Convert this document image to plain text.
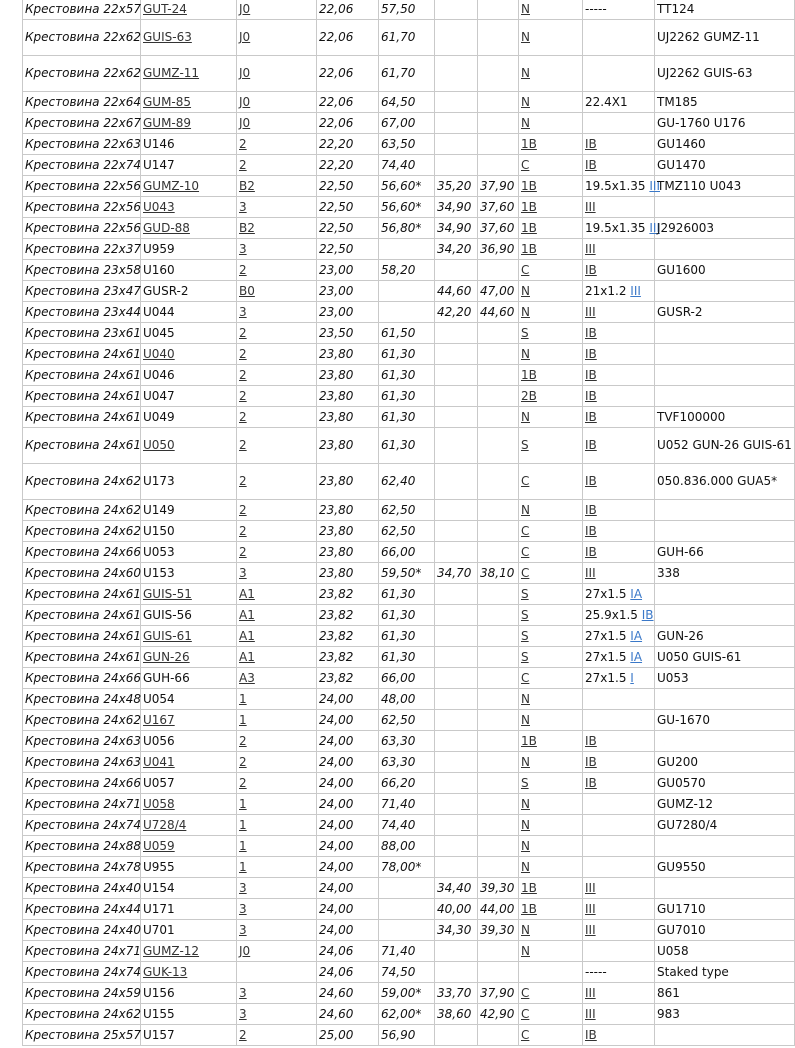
Крестовина 22x57	GUT-24	J0	22,06	57,50			N	-----	TT124
Крестовина 22x62	GUIS-63	J0	22,06	61,70			N		UJ2262 GUMZ-11
Крестовина 22x62	GUMZ-11	J0	22,06	61,70			N		UJ2262 GUIS-63
Крестовина 22x64	GUM-85	J0	22,06	64,50			N	22.4X1	TM185
Крестовина 22x67	GUM-89	J0	22,06	67,00			N		GU-1760 U176
Крестовина 22x63	U146	2	22,20	63,50			1B	IB	GU1460
Крестовина 22x74	U147	2	22,20	74,40			C	IB	GU1470
Крестовина 22x56	GUMZ-10	B2	22,50	56,60*	35,20	37,90	1B	19.5x1.35 III	TMZ110 U043
Крестовина 22x56	U043	3	22,50	56,60*	34,90	37,60	1B	III	
Крестовина 22x56	GUD-88	B2	22,50	56,80*	34,90	37,60	1B	19.5x1.35 III	J2926003
Крестовина 22x37	U959	3	22,50		34,20	36,90	1B	III	
Крестовина 23x58	U160	2	23,00	58,20			C	IB	GU1600
Крестовина 23x47	GUSR-2	B0	23,00		44,60	47,00	N	21x1.2 III	
Крестовина 23x44	U044	3	23,00		42,20	44,60	N	III	GUSR-2
Крестовина 23x61	U045	2	23,50	61,50			S	IB	
Крестовина 24x61	U040	2	23,80	61,30			N	IB	
Крестовина 24x61	U046	2	23,80	61,30			1B	IB	
Крестовина 24x61	U047	2	23,80	61,30			2B	IB	
Крестовина 24x61	U049	2	23,80	61,30			N	IB	TVF100000
Крестовина 24x61	U050	2	23,80	61,30			S	IB	U052 GUN-26 GUIS-61
Крестовина 24x62	U173	2	23,80	62,40			C	IB	050.836.000 GUA5*
Крестовина 24x62	U149	2	23,80	62,50			N	IB	
Крестовина 24x62	U150	2	23,80	62,50			C	IB	
Крестовина 24x66	U053	2	23,80	66,00			C	IB	GUH-66
Крестовина 24x60	U153	3	23,80	59,50*	34,70	38,10	C	III	338
Крестовина 24x61	GUIS-51	A1	23,82	61,30			S	27x1.5 IA	
Крестовина 24x61	GUIS-56	A1	23,82	61,30			S	25.9x1.5 IB	
Крестовина 24x61	GUIS-61	A1	23,82	61,30			S	27x1.5 IA	GUN-26
Крестовина 24x61	GUN-26	A1	23,82	61,30			S	27x1.5 IA	U050 GUIS-61
Крестовина 24x66	GUH-66	A3	23,82	66,00			C	27x1.5 I	U053
Крестовина 24x48	U054	1	24,00	48,00			N		
Крестовина 24x62	U167	1	24,00	62,50			N		GU-1670
Крестовина 24x63	U056	2	24,00	63,30			1B	IB	
Крестовина 24x63	U041	2	24,00	63,30			N	IB	GU200
Крестовина 24x66	U057	2	24,00	66,20			S	IB	GU0570
Крестовина 24x71	U058	1	24,00	71,40			N		GUMZ-12
Крестовина 24x74	U728/4	1	24,00	74,40			N		GU7280/4
Крестовина 24x88	U059	1	24,00	88,00			N		
Крестовина 24x78	U955	1	24,00	78,00*			N		GU9550
Крестовина 24x40	U154	3	24,00		34,40	39,30	1B	III	
Крестовина 24x44	U171	3	24,00		40,00	44,00	1B	III	GU1710
Крестовина 24x40	U701	3	24,00		34,30	39,30	N	III	GU7010
Крестовина 24x71	GUMZ-12	J0	24,06	71,40			N		U058
Крестовина 24x74	GUK-13		24,06	74,50				-----	Staked type
Крестовина 24x59	U156	3	24,60	59,00*	33,70	37,90	C	III	861
Крестовина 24x62	U155	3	24,60	62,00*	38,60	42,90	C	III	983
Крестовина 25x57	U157	2	25,00	56,90			C	IB	
